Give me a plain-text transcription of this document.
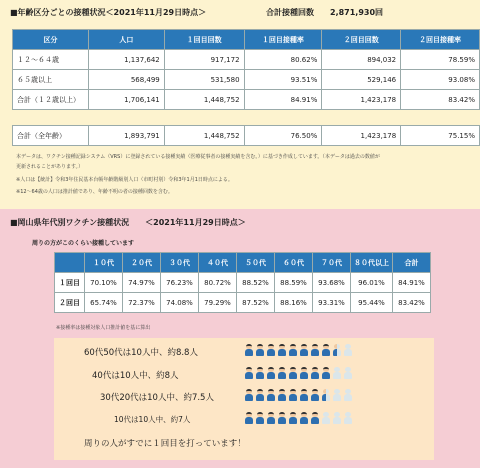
■年齢区分ごとの接種状況＜2021年11月29日時点＞	合計接種回数 2,871,930回
区分	人口	１回目回数	１回目接種率	２回目回数	２回目接種率
１２～６４歳	1,137,642	917,172	80.62%	894,032	78.59%
６５歳以上	568,499	531,580	93.51%	529,146	93.08%
合計（１２歳以上）	1,706,141	1,448,752	84.91%	1,423,178	83.42%
合計（全年齢）	1,893,791	1,448,752	76.50%	1,423,178	75.15%
本データは、ワクチン接種記録システム（VRS）に登録されている接種実績（医療従事者の接種実績を含む。）に基づき作成しています。（本データは過去の数値が
更新されることがあります。）
※人口は【統計】令和3年住民基本台帳年齢階級別人口（市町村別）令和3年1月1日時点による。
※12～64歳の人口は推計値であり、年齢不明の者の接種回数を含む。
■岡山県年代別ワクチン接種状況 ＜2021年11月29日時点＞
周りの方がこのくらい接種しています
	１０代	２０代	３０代	４０代	５０代	６０代	７０代	８０代以上	合計
１回目	70.10%	74.97%	76.23%	80.72%	88.52%	88.59%	93.68%	96.01%	84.91%
２回目	65.74%	72.37%	74.08%	79.29%	87.52%	88.16%	93.31%	95.44%	83.42%
※接種率は接種対象人口推計値を基に算出
60代50代は10人中、約8.8人
40代は10人中、約8人
30代20代は10人中、約7.5人
10代は10人中、約7人
周りの人がすでに１回目を打っています！
